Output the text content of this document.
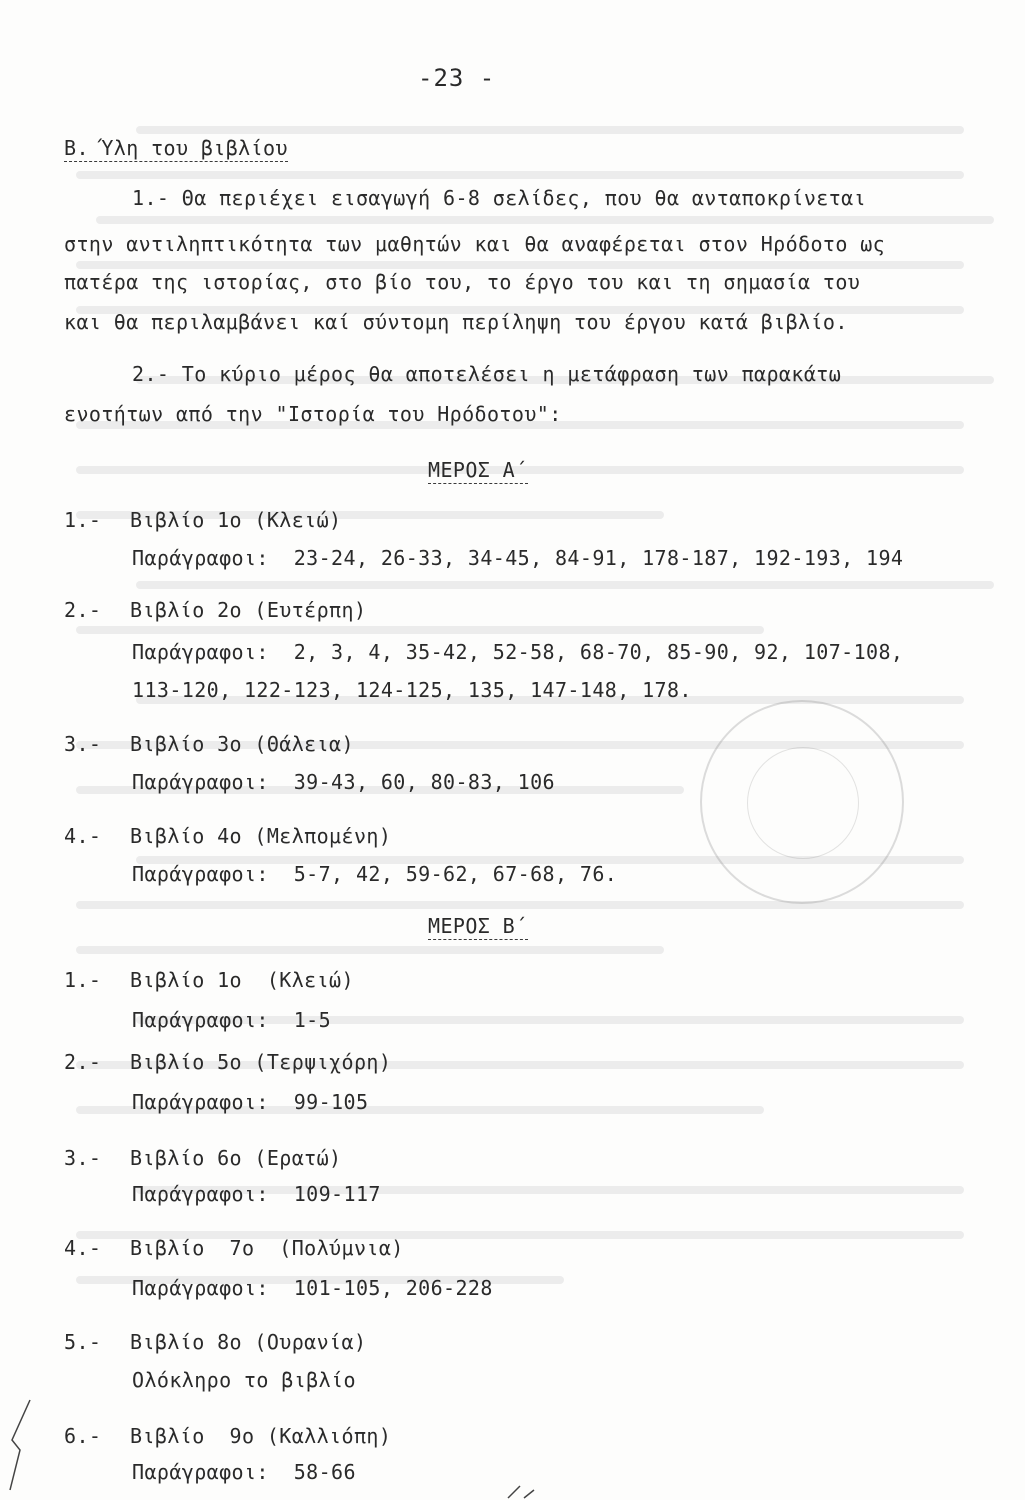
-23 -
Β. Ύλη του βιβλίου
1.- Θα περιέχει εισαγωγή 6-8 σελίδες, που θα ανταποκρίνεται
στην αντιληπτικότητα των μαθητών και θα αναφέρεται στον Ηρόδοτο ως
πατέρα της ιστορίας, στο βίο του, το έργο του και τη σημασία του
και θα περιλαμβάνει καί σύντομη περίληψη του έργου κατά βιβλίο.
2.- Το κύριο μέρος θα αποτελέσει η μετάφραση των παρακάτω
ενοτήτων από την "Ιστορία του Ηρόδοτου":
ΜΕΡΟΣ Α΄
1.- Βιβλίο 1ο (Κλειώ)
Παράγραφοι:  23-24, 26-33, 34-45, 84-91, 178-187, 192-193, 194
2.- Βιβλίο 2ο (Ευτέρπη)
Παράγραφοι:  2, 3, 4, 35-42, 52-58, 68-70, 85-90, 92, 107-108,
113-120, 122-123, 124-125, 135, 147-148, 178.
3.- Βιβλίο 3ο (Θάλεια)
Παράγραφοι:  39-43, 60, 80-83, 106
4.- Βιβλίο 4ο (Μελπομένη)
Παράγραφοι:  5-7, 42, 59-62, 67-68, 76.
ΜΕΡΟΣ Β΄
1.- Βιβλίο 1ο  (Κλειώ)
Παράγραφοι:  1-5
2.- Βιβλίο 5ο (Τερψιχόρη)
Παράγραφοι:  99-105
3.- Βιβλίο 6ο (Ερατώ)
Παράγραφοι:  109-117
4.- Βιβλίο  7ο  (Πολύμνια)
Παράγραφοι:  101-105, 206-228
5.- Βιβλίο 8ο (Ουρανία)
Ολόκληρο το βιβλίο
6.- Βιβλίο  9ο (Καλλιόπη)
Παράγραφοι:  58-66
